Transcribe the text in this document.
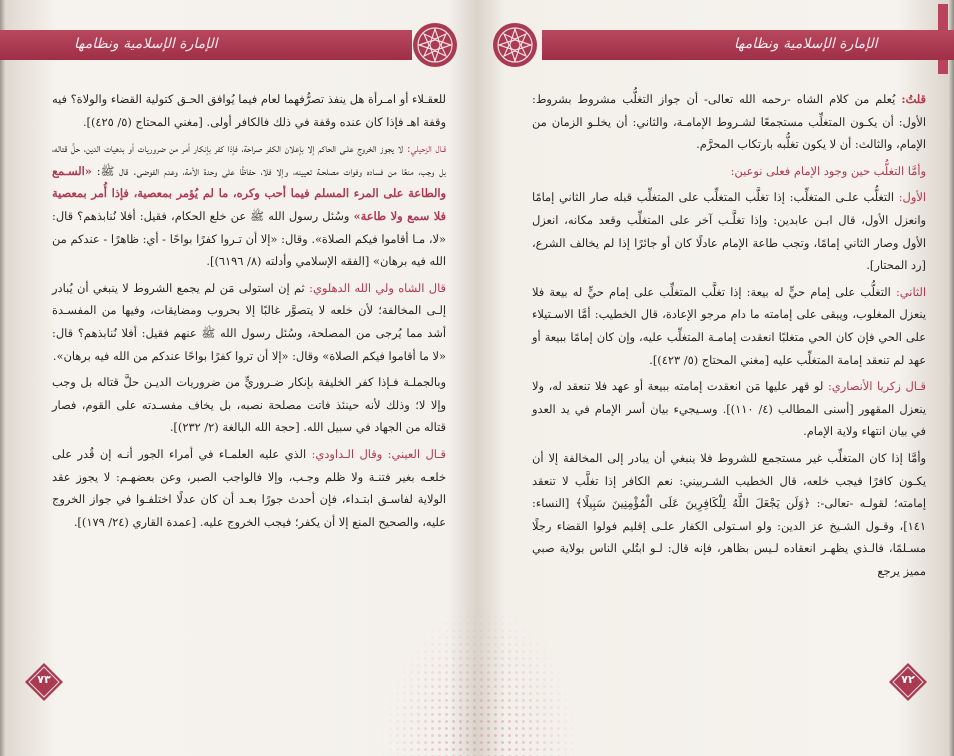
الإمارة الإسلامية ونظامها

للعقـلاء أو امـرأة هل ينفذ تصرُّفهما لعام فيما يُوافق الحـق كتولية القضاء والولاة؟ فيه وقفة اهـ فإذا كان عنده وقفة في ذلك فالكافر أولى. [مغني المحتاج (٥/ ٤٢٥)].

قـال الزحيلي: لا يجوز الخروج علـى الحاكم إلا بإعلان الكفر صراحة، فإذا كفر بإنكار أمر من ضروريات أو بدهيات الدين، حلَّ قتاله، بل وجب، منعًا من فساده وفوات مصلحـة تعيينه، وإلا فلا، حفاظًا على وحدة الأمة، وعدم الفوضى. قال ﷺ: «السـمع والطاعة على المرء المسلم فيما أحب وكره، ما لم يُؤمر بمعصية، فإذا أُمر بمعصية فلا سمع ولا طاعة» وسُئل رسول الله ﷺ عن خلع الحكام، فقيل: أفلا نُنابذهم؟ قال: «لا، مـا أقاموا فيكم الصلاة». وقال: «إلا أن تـروا كفرًا بواحًا - أي: ظاهرًا - عندكم من الله فيه برهان» [الفقه الإسلامي وأدلته (٨/ ٦١٩٦)].

قال الشاه ولي الله الدهلوي: ثم إن استولى مَن لم يجمع الشروط لا ينبغي أن يُبادر إلـى المخالفة؛ لأن خلعه لا يتصوَّر غالبًا إلا بحروب ومضايقات، وفيها من المفسـدة أشد مما يُرجى من المصلحة، وسُئل رسول الله ﷺ عنهم فقيل: أفلا نُنابذهم؟ قال: «لا ما أقاموا فيكم الصلاة» وقال: «إلا أن تروا كفرًا بواحًا عندكم من الله فيه برهان».

وبالجملـة فـإذا كفر الخليفة بإنكار ضـروريٍّ من ضروريات الديـن حلَّ قتاله بل وجب وإلا لا؛ وذلك لأنه حينئذ فاتت مصلحة نصبه، بل يخاف مفسـدته على القوم، فصار قتاله من الجهاد في سبيل الله. [حجة الله البالغة (٢/ ٢٣٢)].

قـال العيني: وقال الـداودي: الذي عليه العلمـاء في أمراء الجور أنـه إن قُدر على خلعـه بغير فتنـة ولا ظلم وجـب، وإلا فالواجب الصبر، وعن بعضهـم: لا يجوز عقد الولاية لفاسـق ابتـداء، فإن أحدث جورًا بعـد أن كان عدلًا اختلفـوا في جواز الخروج عليه، والصحيح المنع إلا أن يكفر؛ فيجب الخروج عليه. [عمدة القاري (٢٤/ ١٧٩)].

٧٣
الإمارة الإسلامية ونظامها

قلتُ: يُعلم من كلام الشاه -رحمه الله تعالى- أن جواز التغلُّب مشروط بشروط: الأول: أن يكـون المتغلِّب مستجمعًا لشـروط الإمامـة، والثاني: أن يخلـو الزمان من الإمام، والثالث: أن لا يكون تغلُّبه بارتكاب المحرَّم.

وأمَّا التغلُّب حين وجود الإمام فعلى نوعين:

الأول: التغلُّب علـى المتغلِّب: إذا تغلَّب المتغلِّب على المتغلِّب قبله صار الثاني إمامًا وانعزل الأول، قال ابـن عابدين: وإذا تغلَّـب آخر على المتغلِّب وقعد مكانه، انعزل الأول وصار الثاني إمامًا، وتجب طاعة الإمام عادلًا كان أو جائرًا إذا لم يخالف الشرع، [رد المحتار].

الثاني: التغلُّب على إمام حيٍّ له بيعة: إذا تغلَّب المتغلِّب على إمام حيٍّ له بيعة فلا ينعزل المغلوب، ويبقى على إمامته ما دام مرجو الإعادة، قال الخطيب: أمَّا الاسـتيلاء على الحي فإن كان الحي متغلبًا انعقدت إمامـة المتغلِّب عليه، وإن كان إمامًا ببيعة أو عهد لم تنعقد إمامة المتغلِّب عليه [مغني المحتاج (٥/ ٤٢٣)].

قـال زكريا الأنصاري: لو قهر عليها مَن انعقدت إمامته ببيعة أو عهد فلا تنعقد له، ولا ينعزل المقهور [أسنى المطالب (٤/ ١١٠)]. وسـيجيء بيان أسر الإمام في يد العدو في بيان انتهاء ولاية الإمام.

وأمَّا إذا كان المتغلِّب غير مستجمع للشروط فلا ينبغي أن يبادر إلى المخالفة إلا أن يكـون كافرًا فيجب خلعه، قال الخطيب الشـربيني: نعم الكافر إذا تغلَّب لا تنعقد إمامته؛ لقولـه -تعالى-: ﴿وَلَن يَجْعَلَ اللَّهُ لِلْكَافِرِينَ عَلَى الْمُؤْمِنِينَ سَبِيلًا﴾ [النساء: ١٤١]، وقـول الشـيخ عز الدين: ولو اسـتولى الكفار علـى إقليم فولوا القضاء رجلًا مسـلمًا، فالـذي يظهـر انعقاده لـيس بظاهر، فإنه قال: لـو ابتُلي الناس بولاية صبي مميز يرجع

٧٢
